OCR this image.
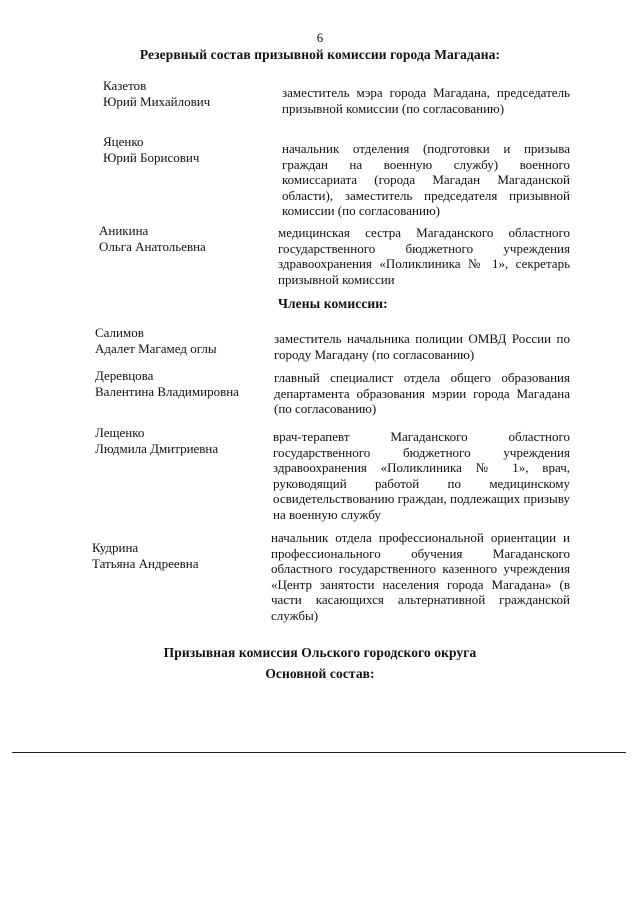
6
Резервный состав призывной комиссии города Магадана:
Казетов
Юрий Михайлович
заместитель мэра города Магадана, председатель призывной комиссии (по согласованию)
Яценко
Юрий Борисович
начальник отделения (подготовки и призыва граждан на военную службу) военного комиссариата (города Магадан Магаданской области), заместитель председателя призывной комиссии (по согласованию)
Аникина
Ольга Анатольевна
медицинская сестра Магаданского областного государственного бюджетного учреждения здравоохранения «Поликлиника № 1», секретарь призывной комиссии
Члены комиссии:
Салимов
Адалет Магамед оглы
заместитель начальника полиции ОМВД России по городу Магадану (по согласованию)
Деревцова
Валентина Владимировна
главный специалист отдела общего образования департамента образования мэрии города Магадана (по согласованию)
Лещенко
Людмила Дмитриевна
врач-терапевт Магаданского областного государственного бюджетного учреждения здравоохранения «Поликлиника № 1», врач, руководящий работой по медицинскому освидетельствованию граждан, подлежащих призыву на военную службу
Кудрина
Татьяна Андреевна
начальник отдела профессиональной ориентации и профессионального обучения Магаданского областного государственного казенного учреждения «Центр занятости населения города Магадана» (в части касающихся альтернативной гражданской службы)
Призывная комиссия Ольского городского округа
Основной состав:
